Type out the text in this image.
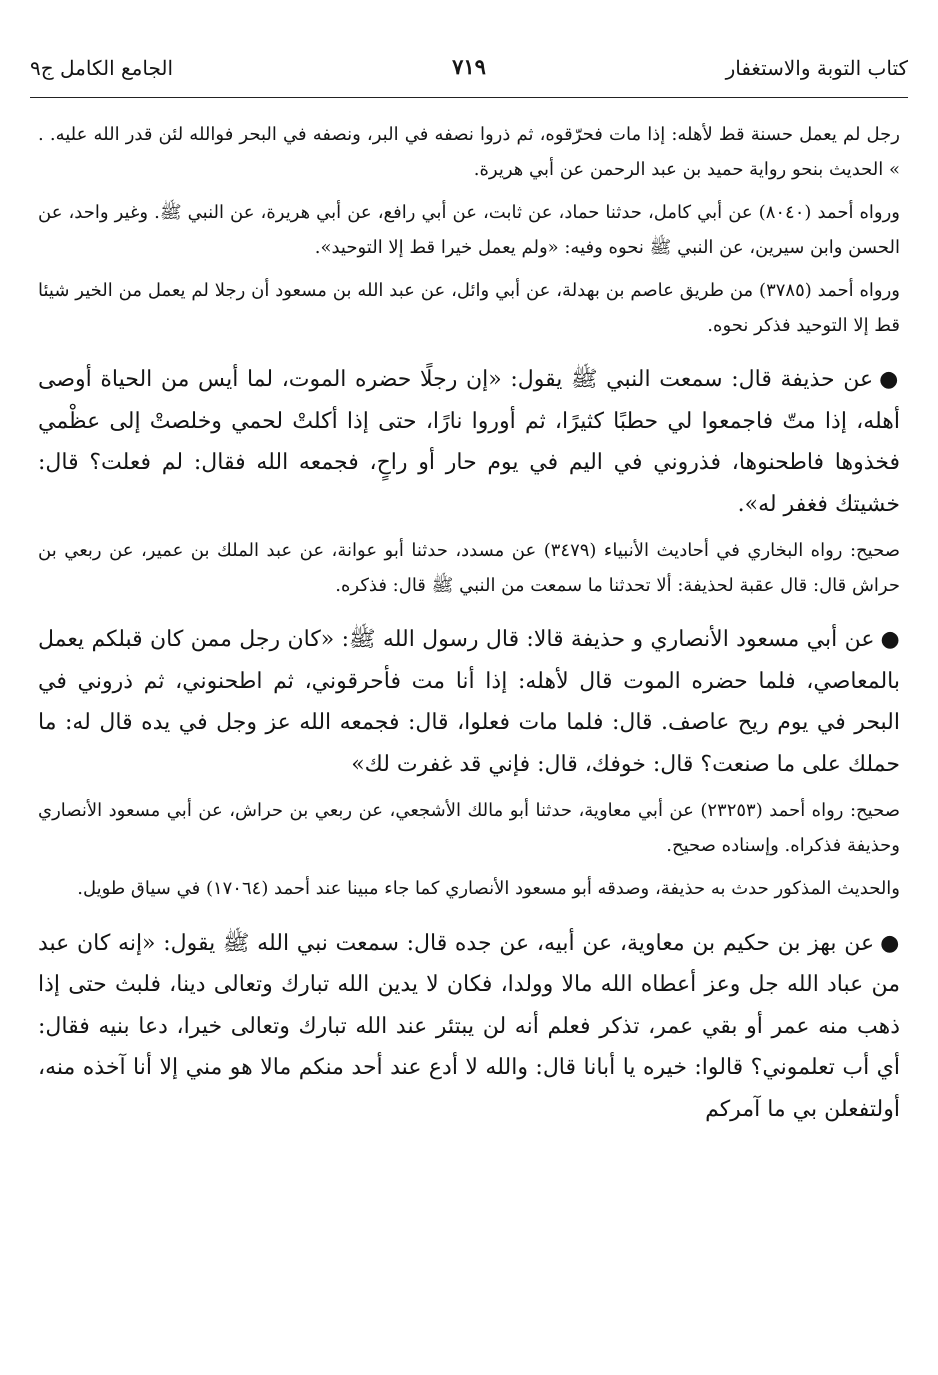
كتاب التوبة والاستغفار
٧١٩
الجامع الكامل ج٩

رجل لم يعمل حسنة قط لأهله: إذا مات فحرّقوه، ثم ذروا نصفه في البر، ونصفه في البحر فوالله لئن قدر الله عليه. . » الحديث بنحو رواية حميد بن عبد الرحمن عن أبي هريرة.

ورواه أحمد (٨٠٤٠) عن أبي كامل، حدثنا حماد، عن ثابت، عن أبي رافع، عن أبي هريرة، عن النبي ﷺ. وغير واحد، عن الحسن وابن سيرين، عن النبي ﷺ نحوه وفيه: «ولم يعمل خيرا قط إلا التوحيد».

ورواه أحمد (٣٧٨٥) من طريق عاصم بن بهدلة، عن أبي وائل، عن عبد الله بن مسعود أن رجلا لم يعمل من الخير شيئا قط إلا التوحيد فذكر نحوه.

●عن حذيفة قال: سمعت النبي ﷺ يقول: «إن رجلًا حضره الموت، لما أيس من الحياة أوصى أهله، إذا متّ فاجمعوا لي حطبًا كثيرًا، ثم أوروا نارًا، حتى إذا أكلتْ لحمي وخلصتْ إلى عظْمي فخذوها فاطحنوها، فذروني في اليم في يوم حار أو راحٍ، فجمعه الله فقال: لم فعلت؟ قال: خشيتك فغفر له».

صحيح: رواه البخاري في أحاديث الأنبياء (٣٤٧٩) عن مسدد، حدثنا أبو عوانة، عن عبد الملك بن عمير، عن ربعي بن حراش قال: قال عقبة لحذيفة: ألا تحدثنا ما سمعت من النبي ﷺ قال: فذكره.

●عن أبي مسعود الأنصاري و حذيفة قالا: قال رسول الله ﷺ: «كان رجل ممن كان قبلكم يعمل بالمعاصي، فلما حضره الموت قال لأهله: إذا أنا مت فأحرقوني، ثم اطحنوني، ثم ذروني في البحر في يوم ريح عاصف. قال: فلما مات فعلوا، قال: فجمعه الله عز وجل في يده قال له: ما حملك على ما صنعت؟ قال: خوفك، قال: فإني قد غفرت لك»

صحيح: رواه أحمد (٢٣٢٥٣) عن أبي معاوية، حدثنا أبو مالك الأشجعي، عن ربعي بن حراش، عن أبي مسعود الأنصاري وحذيفة فذكراه. وإسناده صحيح.

والحديث المذكور حدث به حذيفة، وصدقه أبو مسعود الأنصاري كما جاء مبينا عند أحمد (١٧٠٦٤) في سياق طويل.

●عن بهز بن حكيم بن معاوية، عن أبيه، عن جده قال: سمعت نبي الله ﷺ يقول: «إنه كان عبد من عباد الله جل وعز أعطاه الله مالا وولدا، فكان لا يدين الله تبارك وتعالى دينا، فلبث حتى إذا ذهب منه عمر أو بقي عمر، تذكر فعلم أنه لن يبتئر عند الله تبارك وتعالى خيرا، دعا بنيه فقال: أي أب تعلموني؟ قالوا: خيره يا أبانا قال: والله لا أدع عند أحد منكم مالا هو مني إلا أنا آخذه منه، أولتفعلن بي ما آمركم
